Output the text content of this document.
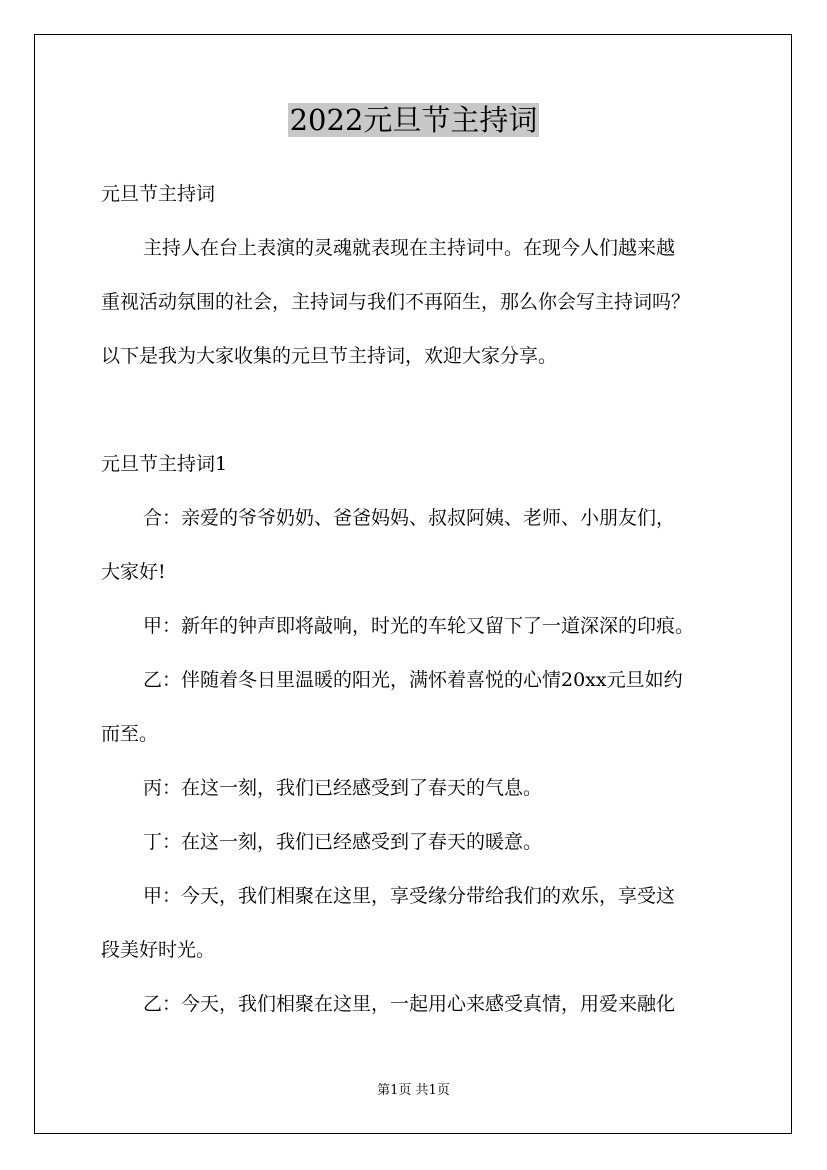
2022元旦节主持词
元旦节主持词
主持人在台上表演的灵魂就表现在主持词中。在现今人们越来越
重视活动氛围的社会，主持词与我们不再陌生，那么你会写主持词吗？
以下是我为大家收集的元旦节主持词，欢迎大家分享。
元旦节主持词1
合：亲爱的爷爷奶奶、爸爸妈妈、叔叔阿姨、老师、小朋友们，
大家好!
甲：新年的钟声即将敲响，时光的车轮又留下了一道深深的印痕。
乙：伴随着冬日里温暖的阳光，满怀着喜悦的心情20xx元旦如约
而至。
丙：在这一刻，我们已经感受到了春天的气息。
丁：在这一刻，我们已经感受到了春天的暖意。
甲：今天，我们相聚在这里，享受缘分带给我们的欢乐，享受这
段美好时光。
乙：今天，我们相聚在这里，一起用心来感受真情，用爱来融化
第1页 共1页
